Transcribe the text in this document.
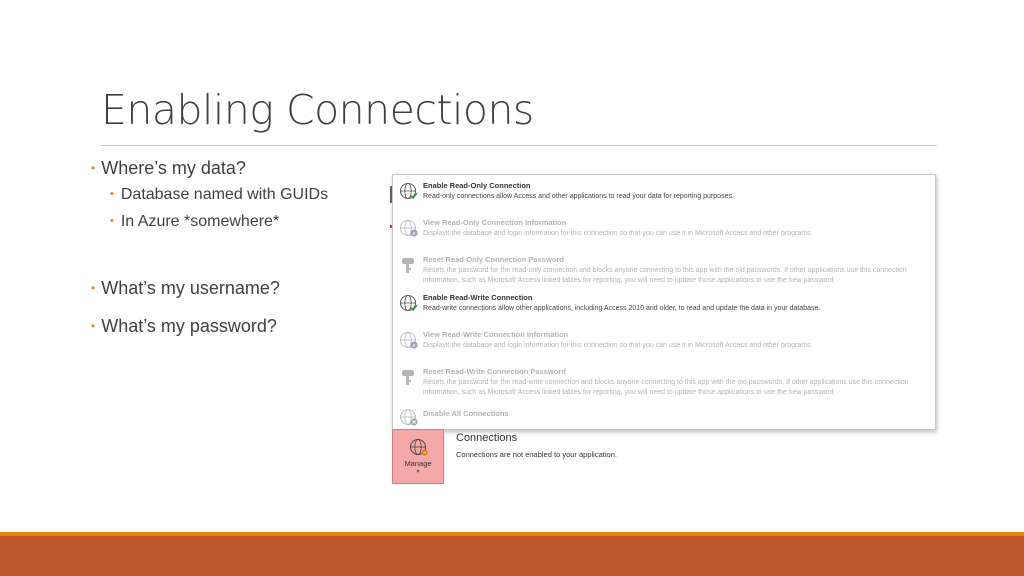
Enabling Connections
• Where’s my data?
• Database named with GUIDs
• In Azure *somewhere*
• What’s my username?
• What’s my password?
Enable Read-Only Connection
Read-only connections allow Access and other applications to read your data for reporting purposes.
View Read-Only Connection Information
Displays the database and login information for this connection so that you can use it in Microsoft Access and other programs.
Reset Read-Only Connection Password
Resets the password for the read-only connection and blocks anyone connecting to this app with the old passwords. If other applications use this connection information, such as Microsoft Access linked tables for reporting, you will need to update those applications to use the new password.
Enable Read-Write Connection
Read-write connections allow other applications, including Access 2010 and older, to read and update the data in your database.
View Read-Write Connection Information
Displays the database and login information for this connection so that you can use it in Microsoft Access and other programs.
Reset Read-Write Connection Password
Resets the password for the read-write connection and blocks anyone connecting to this app with the old passwords. If other applications use this connection information, such as Microsoft Access linked tables for reporting, you will need to update those applications to use the new password.
Disable All Connections
Manage
▾
Connections
Connections are not enabled to your application.
